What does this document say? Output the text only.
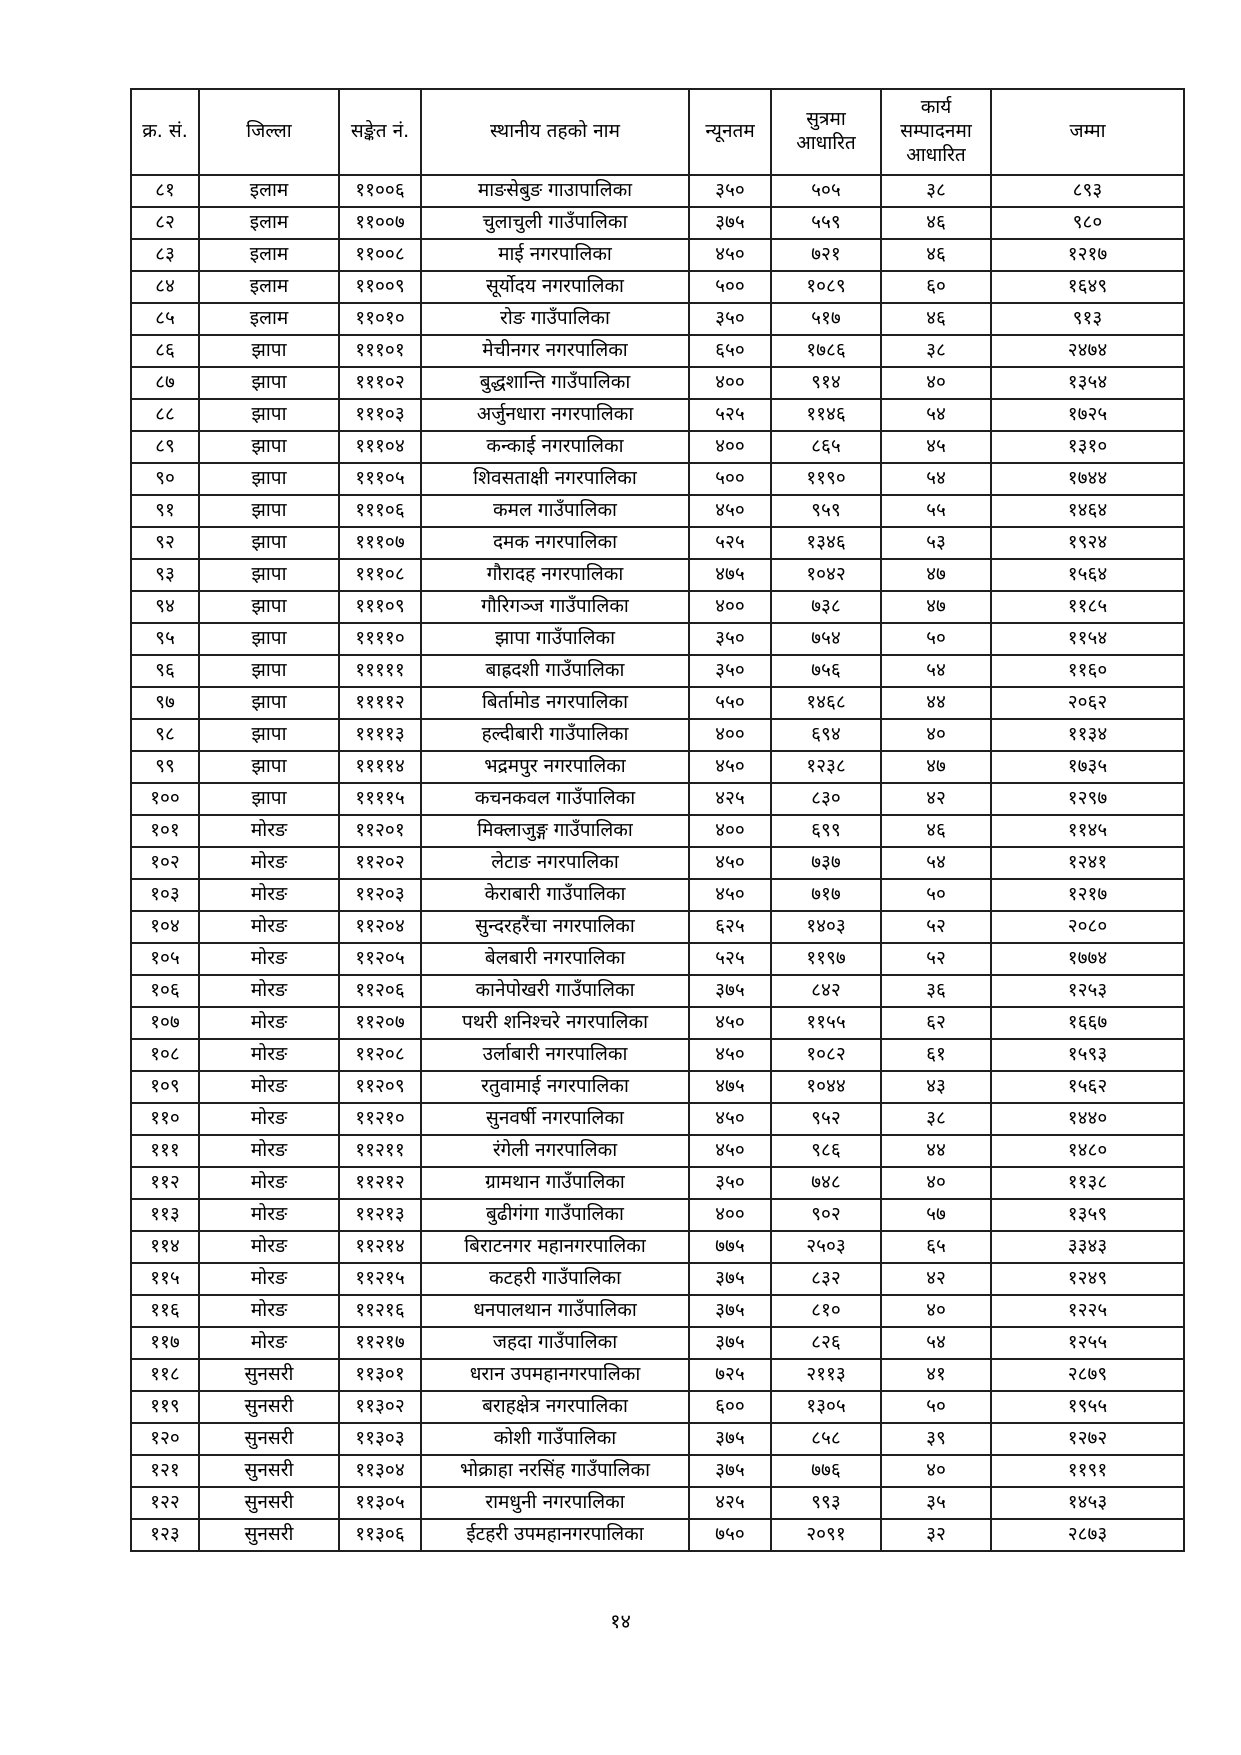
क्र. सं.	जिल्ला	सङ्केत नं.	स्थानीय तहको नाम	न्यूनतम	सुत्रमा आधारित	कार्य सम्पादनमा आधारित	जम्मा
८१	इलाम	११००६	माङसेबुङ गाउापालिका	३५०	५०५	३८	८९३
८२	इलाम	११००७	चुलाचुली गाउँपालिका	३७५	५५९	४६	९८०
८३	इलाम	११००८	माई नगरपालिका	४५०	७२१	४६	१२१७
८४	इलाम	११००९	सूर्योदय नगरपालिका	५००	१०८९	६०	१६४९
८५	इलाम	११०१०	रोङ गाउँपालिका	३५०	५१७	४६	९१३
८६	झापा	१११०१	मेचीनगर नगरपालिका	६५०	१७८६	३८	२४७४
८७	झापा	१११०२	बुद्धशान्ति गाउँपालिका	४००	९१४	४०	१३५४
८८	झापा	१११०३	अर्जुनधारा नगरपालिका	५२५	११४६	५४	१७२५
८९	झापा	१११०४	कन्काई नगरपालिका	४००	८६५	४५	१३१०
९०	झापा	१११०५	शिवसताक्षी नगरपालिका	५००	११९०	५४	१७४४
९१	झापा	१११०६	कमल गाउँपालिका	४५०	९५९	५५	१४६४
९२	झापा	१११०७	दमक नगरपालिका	५२५	१३४६	५३	१९२४
९३	झापा	१११०८	गौरादह नगरपालिका	४७५	१०४२	४७	१५६४
९४	झापा	१११०९	गौरिगञ्ज गाउँपालिका	४००	७३८	४७	११८५
९५	झापा	११११०	झापा गाउँपालिका	३५०	७५४	५०	११५४
९६	झापा	१११११	बाह्रदशी गाउँपालिका	३५०	७५६	५४	११६०
९७	झापा	११११२	बिर्तामोड नगरपालिका	५५०	१४६८	४४	२०६२
९८	झापा	११११३	हल्दीबारी गाउँपालिका	४००	६९४	४०	११३४
९९	झापा	११११४	भद्रमपुर नगरपालिका	४५०	१२३८	४७	१७३५
१००	झापा	११११५	कचनकवल गाउँपालिका	४२५	८३०	४२	१२९७
१०१	मोरङ	११२०१	मिक्लाजुङ्ग गाउँपालिका	४००	६९९	४६	११४५
१०२	मोरङ	११२०२	लेटाङ नगरपालिका	४५०	७३७	५४	१२४१
१०३	मोरङ	११२०३	केराबारी गाउँपालिका	४५०	७१७	५०	१२१७
१०४	मोरङ	११२०४	सुन्दरहरैंचा नगरपालिका	६२५	१४०३	५२	२०८०
१०५	मोरङ	११२०५	बेलबारी नगरपालिका	५२५	११९७	५२	१७७४
१०६	मोरङ	११२०६	कानेपोखरी गाउँपालिका	३७५	८४२	३६	१२५३
१०७	मोरङ	११२०७	पथरी शनिश्चरे नगरपालिका	४५०	११५५	६२	१६६७
१०८	मोरङ	११२०८	उर्लाबारी नगरपालिका	४५०	१०८२	६१	१५९३
१०९	मोरङ	११२०९	रतुवामाई नगरपालिका	४७५	१०४४	४३	१५६२
११०	मोरङ	११२१०	सुनवर्षी नगरपालिका	४५०	९५२	३८	१४४०
१११	मोरङ	११२११	रंगेली नगरपालिका	४५०	९८६	४४	१४८०
११२	मोरङ	११२१२	ग्रामथान गाउँपालिका	३५०	७४८	४०	११३८
११३	मोरङ	११२१३	बुढीगंगा गाउँपालिका	४००	९०२	५७	१३५९
११४	मोरङ	११२१४	बिराटनगर महानगरपालिका	७७५	२५०३	६५	३३४३
११५	मोरङ	११२१५	कटहरी गाउँपालिका	३७५	८३२	४२	१२४९
११६	मोरङ	११२१६	धनपालथान गाउँपालिका	३७५	८१०	४०	१२२५
११७	मोरङ	११२१७	जहदा गाउँपालिका	३७५	८२६	५४	१२५५
११८	सुनसरी	११३०१	धरान उपमहानगरपालिका	७२५	२११३	४१	२८७९
११९	सुनसरी	११३०२	बराहक्षेत्र नगरपालिका	६००	१३०५	५०	१९५५
१२०	सुनसरी	११३०३	कोशी गाउँपालिका	३७५	८५८	३९	१२७२
१२१	सुनसरी	११३०४	भोक्राहा नरसिंह गाउँपालिका	३७५	७७६	४०	११९१
१२२	सुनसरी	११३०५	रामधुनी नगरपालिका	४२५	९९३	३५	१४५३
१२३	सुनसरी	११३०६	ईटहरी उपमहानगरपालिका	७५०	२०९१	३२	२८७३
१४
